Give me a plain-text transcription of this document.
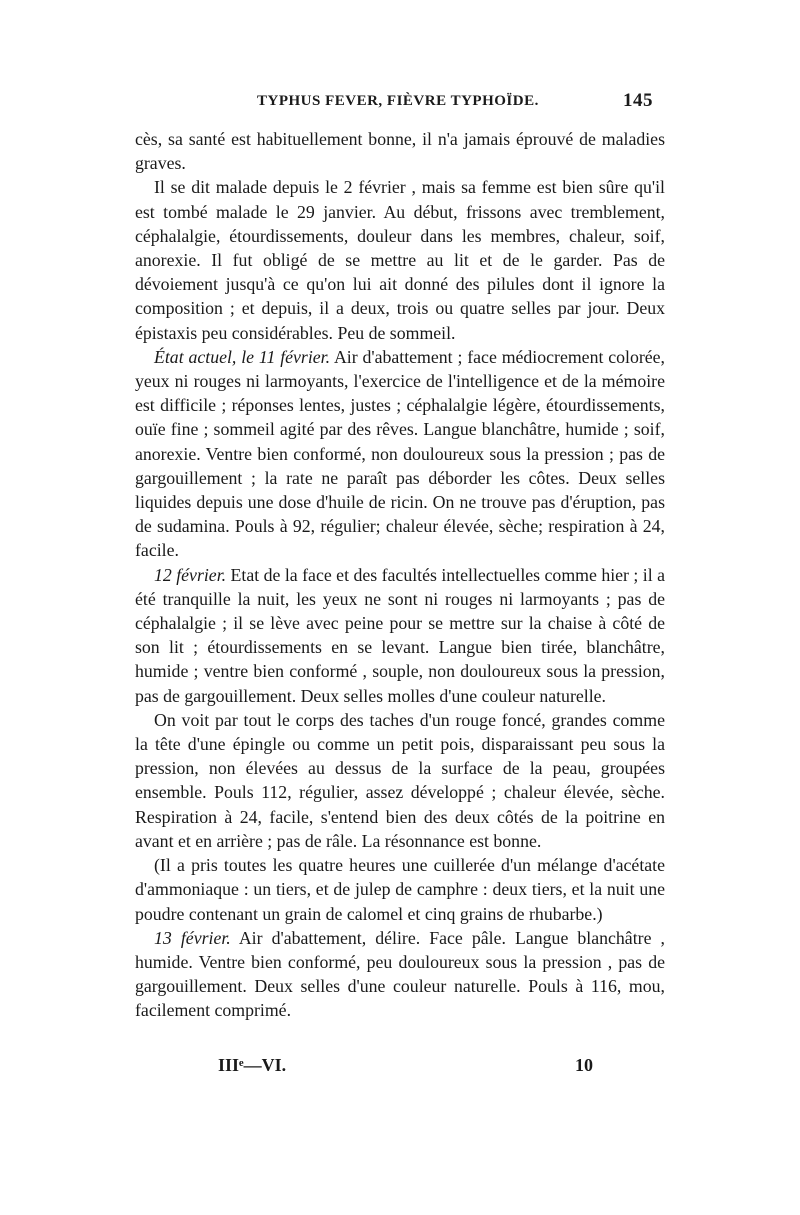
TYPHUS FEVER, FIÈVRE TYPHOÏDE.	145

cès, sa santé est habituellement bonne, il n'a jamais éprouvé de maladies graves.

Il se dit malade depuis le 2 février , mais sa femme est bien sûre qu'il est tombé malade le 29 janvier. Au début, frissons avec tremblement, céphalalgie, étourdissements, douleur dans les membres, chaleur, soif, anorexie. Il fut obligé de se mettre au lit et de le garder. Pas de dévoiement jusqu'à ce qu'on lui ait donné des pilules dont il ignore la composition ; et depuis, il a deux, trois ou quatre selles par jour. Deux épistaxis peu considérables. Peu de sommeil.

État actuel, le 11 février. Air d'abattement ; face médiocrement colorée, yeux ni rouges ni larmoyants, l'exercice de l'intelligence et de la mémoire est difficile ; réponses lentes, justes ; céphalalgie légère, étourdissements, ouïe fine ; sommeil agité par des rêves. Langue blanchâtre, humide ; soif, anorexie. Ventre bien conformé, non douloureux sous la pression ; pas de gargouillement ; la rate ne paraît pas déborder les côtes. Deux selles liquides depuis une dose d'huile de ricin. On ne trouve pas d'éruption, pas de sudamina. Pouls à 92, régulier; chaleur élevée, sèche; respiration à 24, facile.

12 février. Etat de la face et des facultés intellectuelles comme hier ; il a été tranquille la nuit, les yeux ne sont ni rouges ni larmoyants ; pas de céphalalgie ; il se lève avec peine pour se mettre sur la chaise à côté de son lit ; étourdissements en se levant. Langue bien tirée, blanchâtre, humide ; ventre bien conformé , souple, non douloureux sous la pression, pas de gargouillement. Deux selles molles d'une couleur naturelle.

On voit par tout le corps des taches d'un rouge foncé, grandes comme la tête d'une épingle ou comme un petit pois, disparaissant peu sous la pression, non élevées au dessus de la surface de la peau, groupées ensemble. Pouls 112, régulier, assez développé ; chaleur élevée, sèche. Respiration à 24, facile, s'entend bien des deux côtés de la poitrine en avant et en arrière ; pas de râle. La résonnance est bonne.

(Il a pris toutes les quatre heures une cuillerée d'un mélange d'acétate d'ammoniaque : un tiers, et de julep de camphre : deux tiers, et la nuit une poudre contenant un grain de calomel et cinq grains de rhubarbe.)

13 février. Air d'abattement, délire. Face pâle. Langue blanchâtre , humide. Ventre bien conformé, peu douloureux sous la pression , pas de gargouillement. Deux selles d'une couleur naturelle. Pouls à 116, mou, facilement comprimé.

IIIᵉ—VI.	10
